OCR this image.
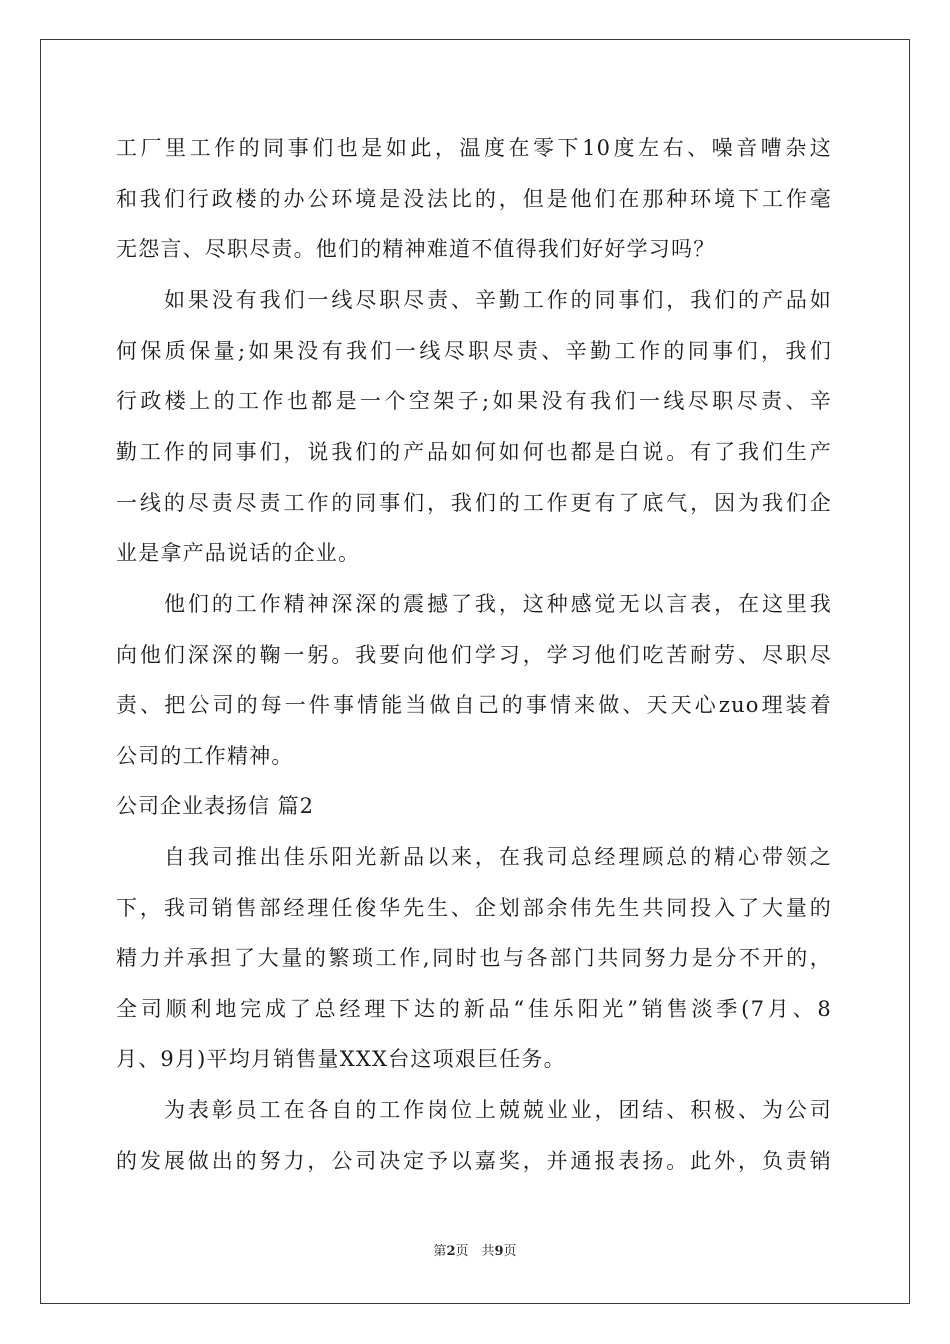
工厂里工作的同事们也是如此，温度在零下10度左右、噪音嘈杂这
和我们行政楼的办公环境是没法比的，但是他们在那种环境下工作毫
无怨言、尽职尽责。他们的精神难道不值得我们好好学习吗？
如果没有我们一线尽职尽责、辛勤工作的同事们，我们的产品如
何保质保量;如果没有我们一线尽职尽责、辛勤工作的同事们，我们
行政楼上的工作也都是一个空架子;如果没有我们一线尽职尽责、辛
勤工作的同事们，说我们的产品如何如何也都是白说。有了我们生产
一线的尽责尽责工作的同事们，我们的工作更有了底气，因为我们企
业是拿产品说话的企业。
他们的工作精神深深的震撼了我，这种感觉无以言表，在这里我
向他们深深的鞠一躬。我要向他们学习，学习他们吃苦耐劳、尽职尽
责、把公司的每一件事情能当做自己的事情来做、天天心zuo理装着
公司的工作精神。
公司企业表扬信 篇2
自我司推出佳乐阳光新品以来，在我司总经理顾总的精心带领之
下，我司销售部经理任俊华先生、企划部余伟先生共同投入了大量的
精力并承担了大量的繁琐工作,同时也与各部门共同努力是分不开的，
全司顺利地完成了总经理下达的新品“佳乐阳光”销售淡季(7月、8
月、9月)平均月销售量XXX台这项艰巨任务。
为表彰员工在各自的工作岗位上兢兢业业，团结、积极、为公司
的发展做出的努力，公司决定予以嘉奖，并通报表扬。此外，负责销
第2页　共9页
